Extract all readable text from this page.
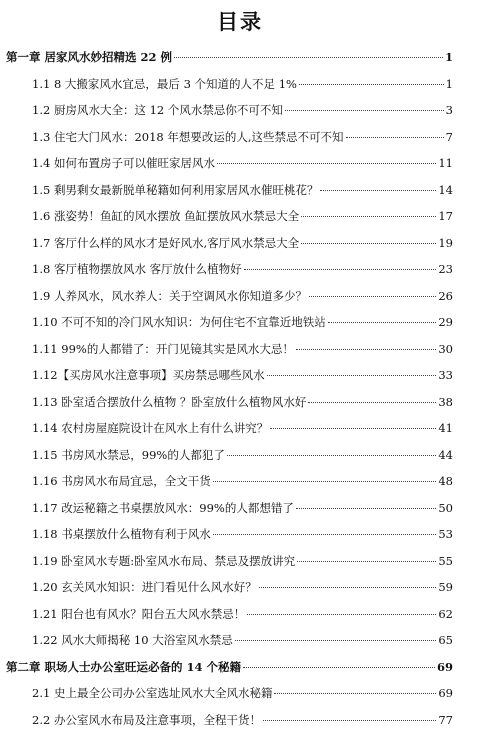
目录
第一章 居家风水妙招精选 22 例	1
1.1 8 大搬家风水宜忌，最后 3 个知道的人不足 1%	1
1.2 厨房风水大全：这 12 个风水禁忌你不可不知	3
1.3 住宅大门风水：2018 年想要改运的人,这些禁忌不可不知	7
1.4 如何布置房子可以催旺家居风水	11
1.5 剩男剩女最新脱单秘籍如何利用家居风水催旺桃花？	14
1.6 涨姿势！鱼缸的风水摆放 鱼缸摆放风水禁忌大全	17
1.7 客厅什么样的风水才是好风水,客厅风水禁忌大全	19
1.8 客厅植物摆放风水 客厅放什么植物好	23
1.9 人养风水，风水养人：关于空调风水你知道多少？	26
1.10 不可不知的冷门风水知识：为何住宅不宜靠近地铁站	29
1.11 99%的人都错了：开门见镜其实是风水大忌！	30
1.12【买房风水注意事项】买房禁忌哪些风水	33
1.13 卧室适合摆放什么植物 ？卧室放什么植物风水好	38
1.14 农村房屋庭院设计在风水上有什么讲究？	41
1.15 书房风水禁忌，99%的人都犯了	44
1.16 书房风水布局宜忌，全文干货	48
1.17 改运秘籍之书桌摆放风水：99%的人都想错了	50
1.18 书桌摆放什么植物有利于风水	53
1.19 卧室风水专题:卧室风水布局、禁忌及摆放讲究	55
1.20 玄关风水知识：进门看见什么风水好？	59
1.21 阳台也有风水？阳台五大风水禁忌！	62
1.22 风水大师揭秘 10 大浴室风水禁忌	65
第二章 职场人士办公室旺运必备的 14 个秘籍	69
2.1 史上最全公司办公室选址风水大全风水秘籍	69
2.2 办公室风水布局及注意事项，全程干货！	77
